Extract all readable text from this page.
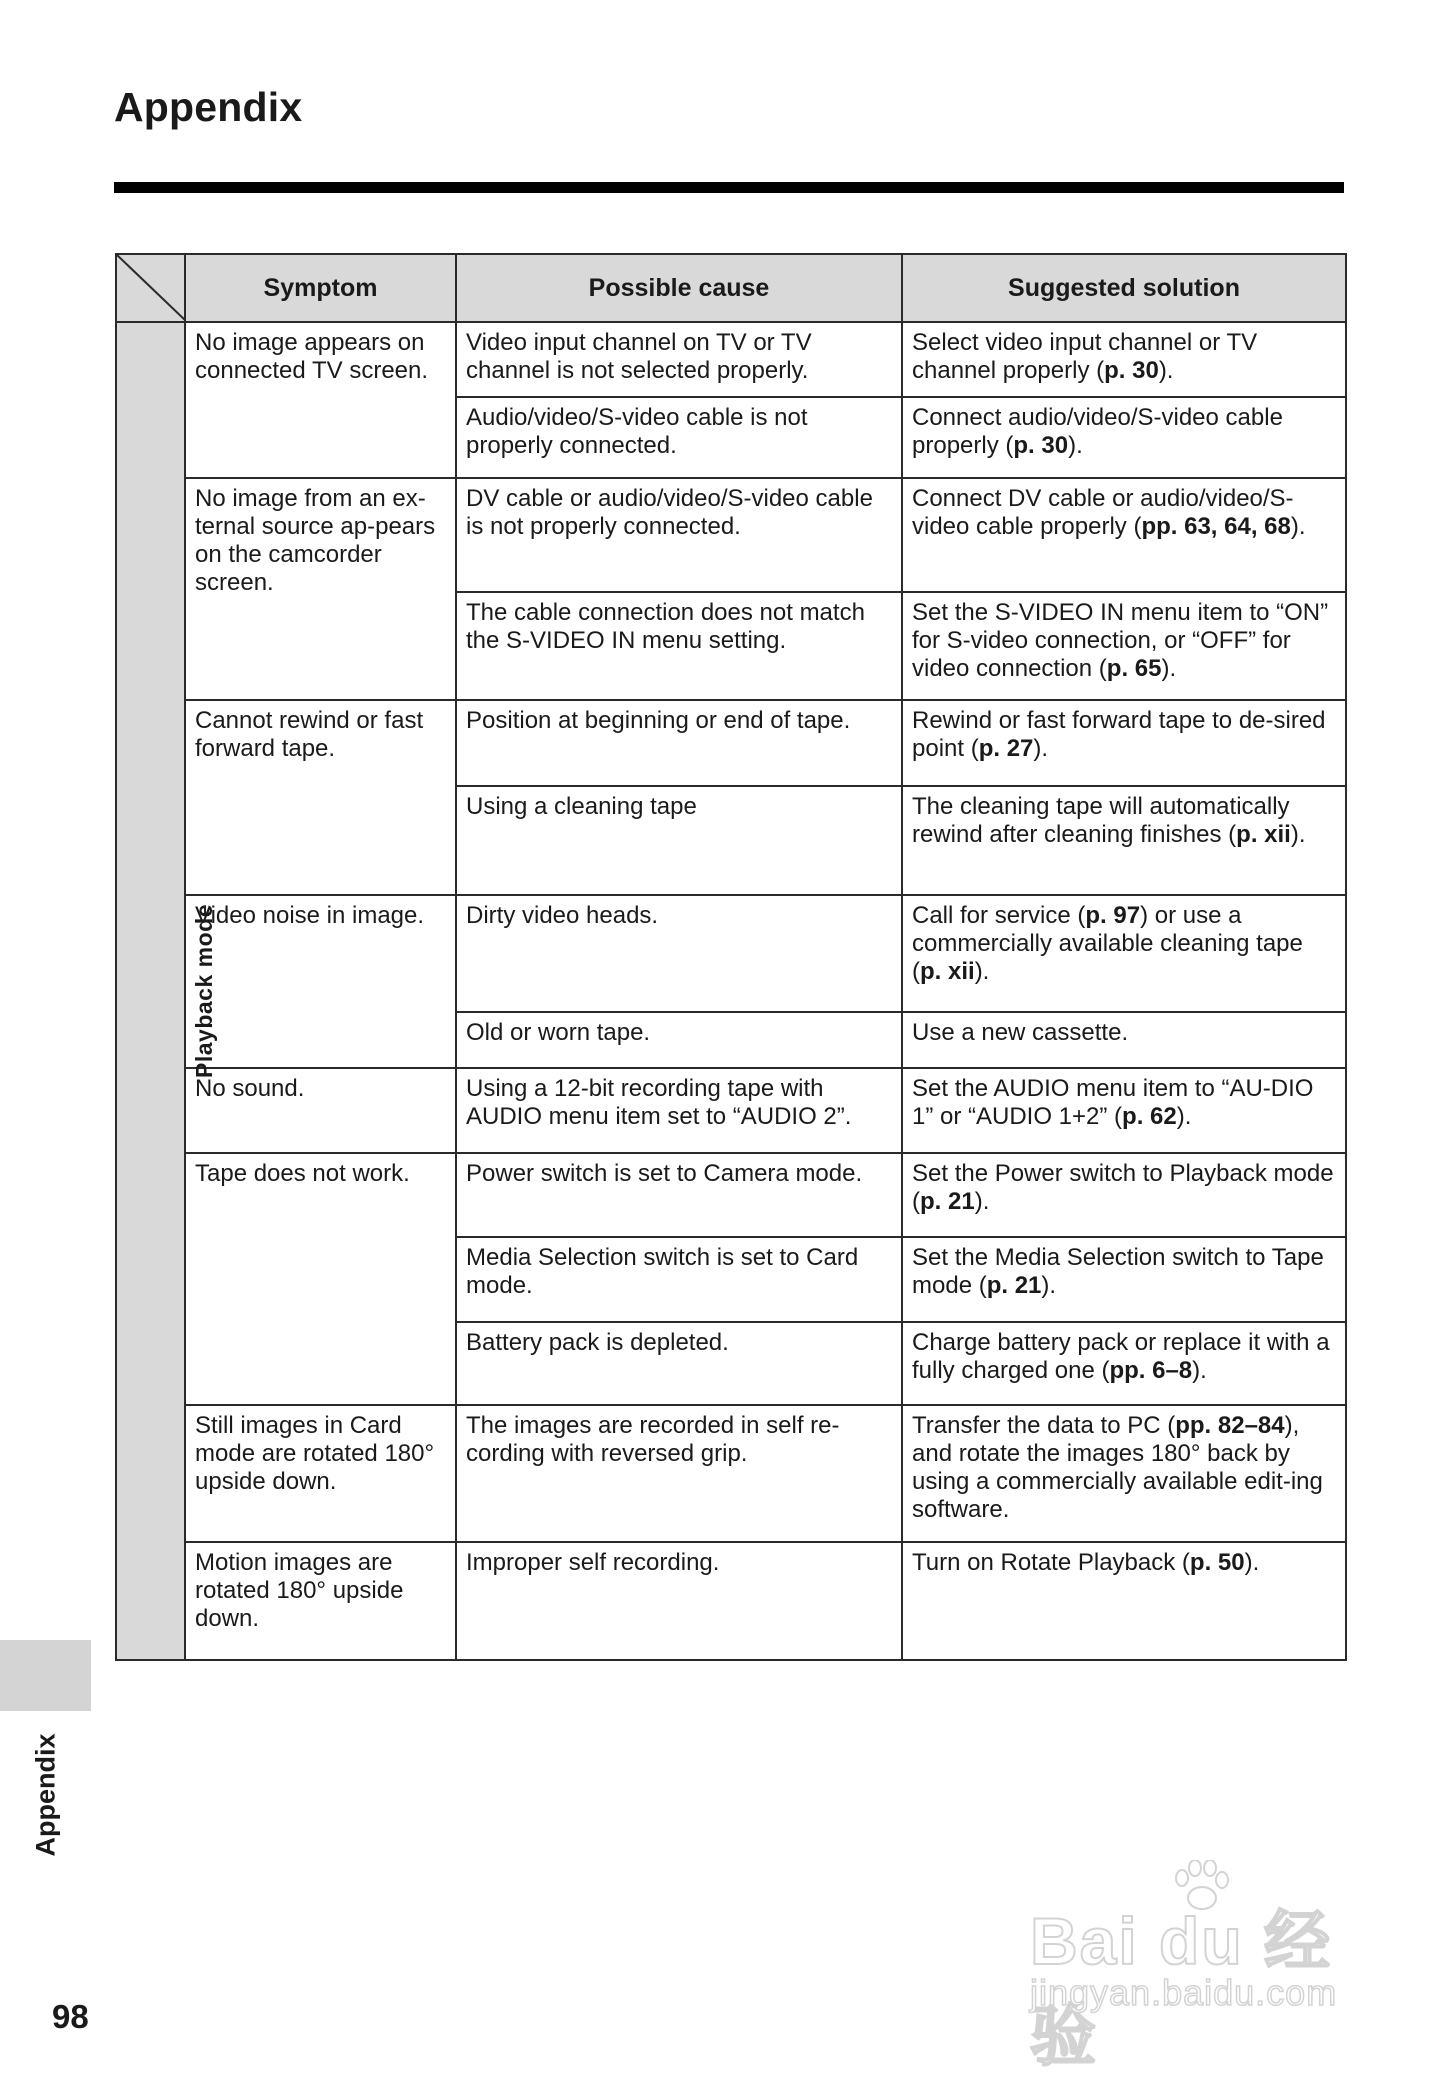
Appendix
	Symptom	Possible cause	Suggested solution
Playback mode	No image appears on connected TV screen.	Video input channel on TV or TV channel is not selected properly.	Select video input channel or TV channel properly (p. 30).
		Audio/video/S-video cable is not properly connected.	Connect audio/video/S-video cable properly (p. 30).
	No image from an ex-ternal source ap-pears on the camcorder screen.	DV cable or audio/video/S-video cable is not properly connected.	Connect DV cable or audio/video/S-video cable properly (pp. 63, 64, 68).
		The cable connection does not match the S-VIDEO IN menu setting.	Set the S-VIDEO IN menu item to “ON” for S-video connection, or “OFF” for video connection (p. 65).
	Cannot rewind or fast forward tape.	Position at beginning or end of tape.	Rewind or fast forward tape to de-sired point (p. 27).
		Using a cleaning tape	The cleaning tape will automatically rewind after cleaning finishes (p. xii).
	Video noise in image.	Dirty video heads.	Call for service (p. 97) or use a commercially available cleaning tape (p. xii).
		Old or worn tape.	Use a new cassette.
	No sound.	Using a 12-bit recording tape with AUDIO menu item set to “AUDIO 2”.	Set the AUDIO menu item to “AU-DIO 1” or “AUDIO 1+2” (p. 62).
	Tape does not work.	Power switch is set to Camera mode.	Set the Power switch to Playback mode (p. 21).
		Media Selection switch is set to Card mode.	Set the Media Selection switch to Tape mode (p. 21).
		Battery pack is depleted.	Charge battery pack or replace it with a fully charged one (pp. 6–8).
	Still images in Card mode are rotated 180° upside down.	The images are recorded in self re-cording with reversed grip.	Transfer the data to PC (pp. 82–84), and rotate the images 180° back by using a commercially available edit-ing software.
	Motion images are rotated 180° upside down.	Improper self recording.	Turn on Rotate Playback (p. 50).
Appendix
98
Bai du 经验
jingyan.baidu.com
